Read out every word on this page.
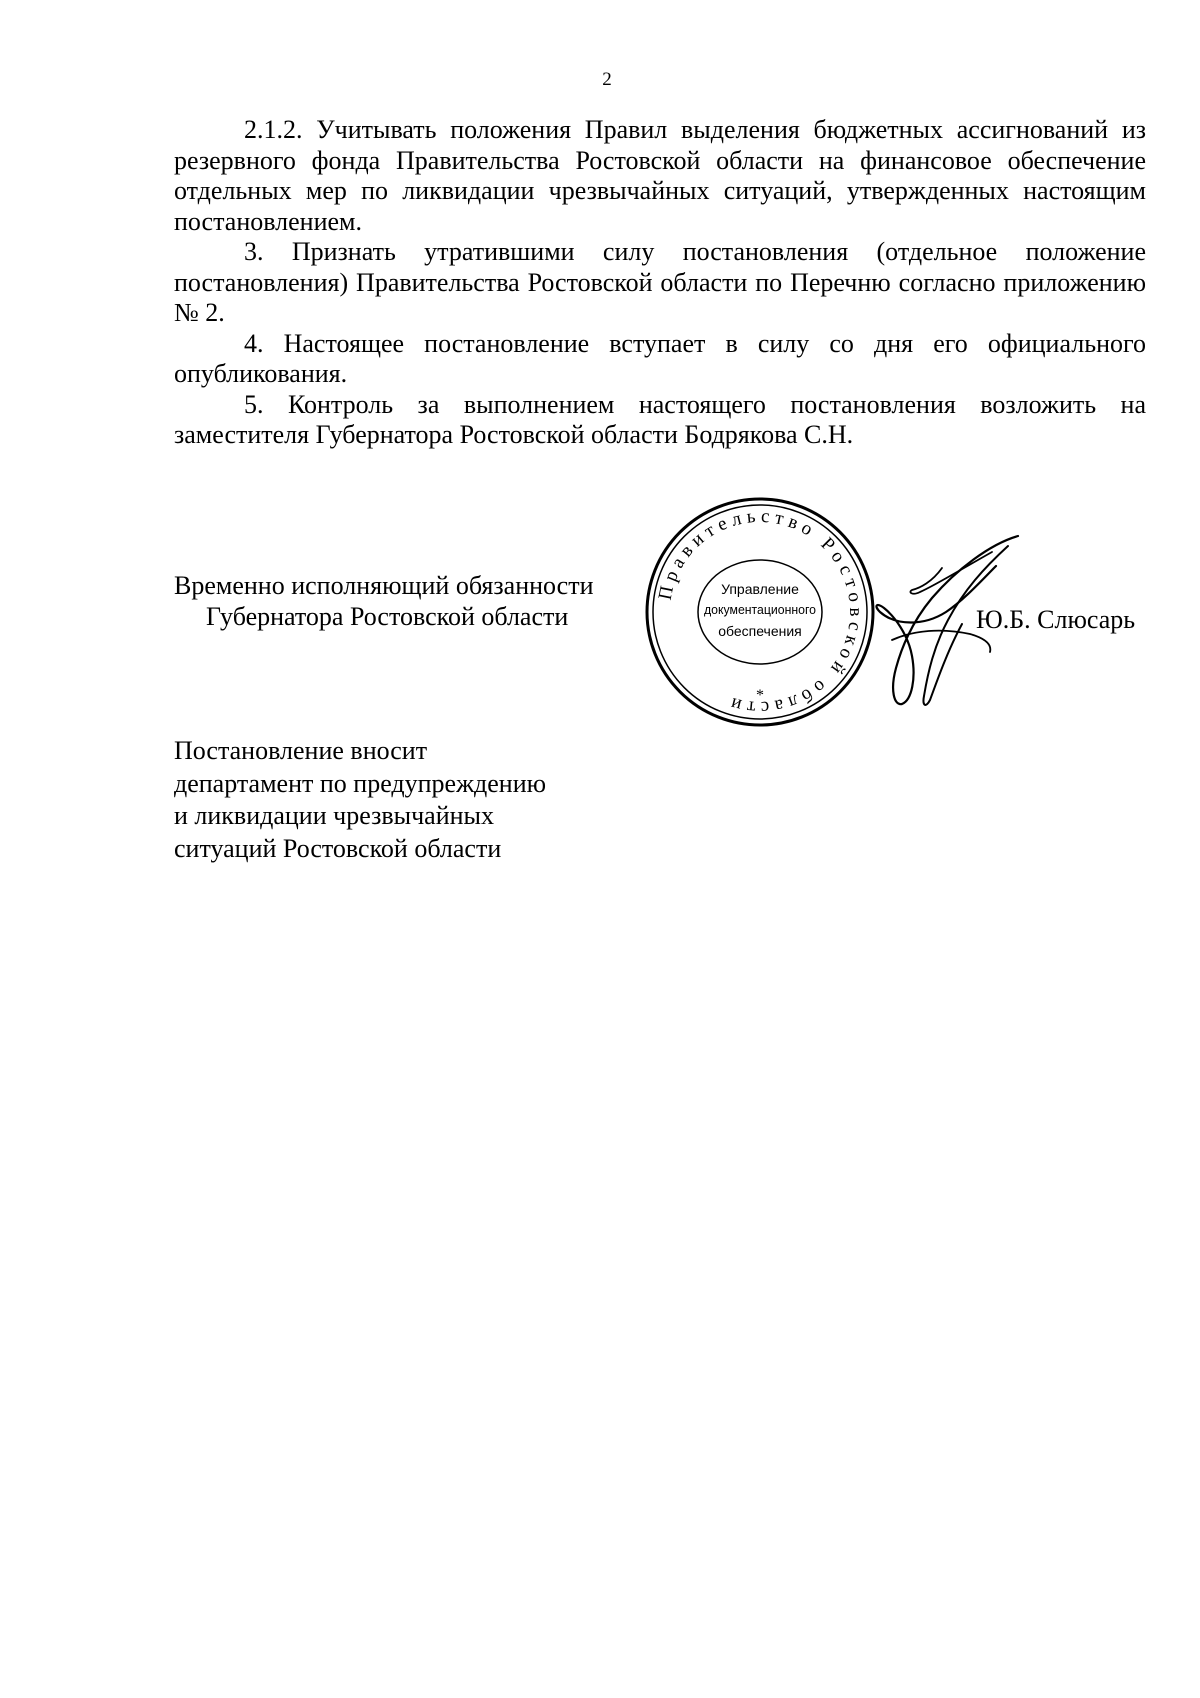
2

2.1.2. Учитывать положения Правил выделения бюджетных ассигнований из резервного фонда Правительства Ростовской области на финансовое обеспечение отдельных мер по ликвидации чрезвычайных ситуаций, утвержденных настоящим постановлением.

3. Признать утратившими силу постановления (отдельное положение постановления) Правительства Ростовской области по Перечню согласно приложению № 2.

4. Настоящее постановление вступает в силу со дня его официального опубликования.

5. Контроль за выполнением настоящего постановления возложить на заместителя Губернатора Ростовской области Бодрякова С.Н.

Временно исполняющий обязанности
Губернатора Ростовской области
Правительство Ростовской области
Управление
документационного
обеспечения
*
Ю.Б. Слюсарь
Постановление вносит
департамент по предупреждению
и ликвидации чрезвычайных
ситуаций Ростовской области
